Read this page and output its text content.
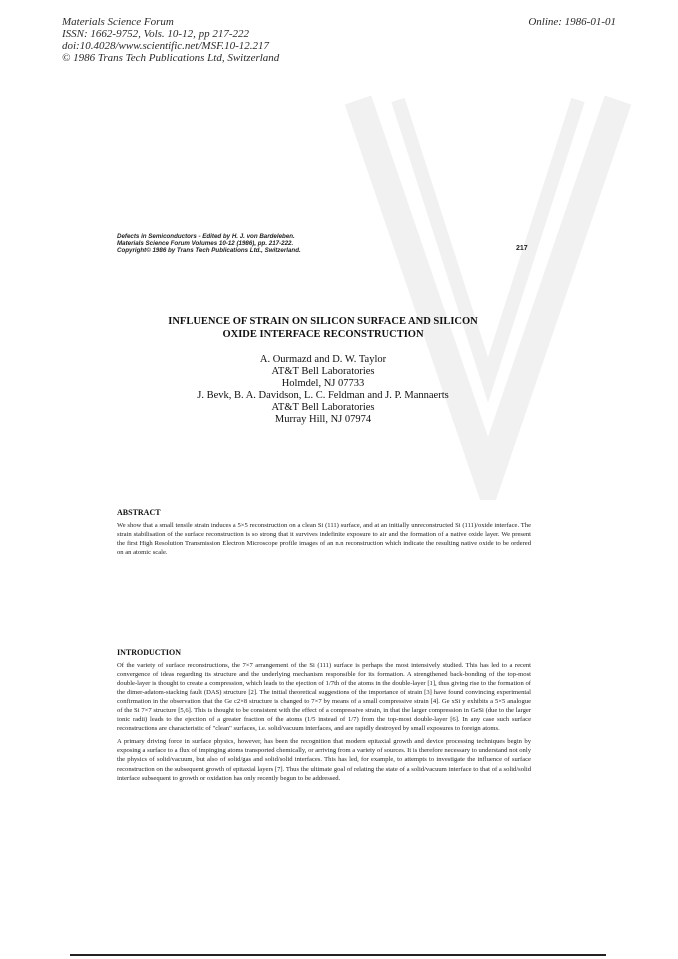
Materials Science Forum
ISSN: 1662-9752, Vols. 10-12, pp 217-222
doi:10.4028/www.scientific.net/MSF.10-12.217
© 1986 Trans Tech Publications Ltd, Switzerland
Online: 1986-01-01
Defects in Semiconductors - Edited by H. J. von Bardeleben.
Materials Science Forum Volumes 10-12 (1986), pp. 217-222.
Copyright© 1986 by Trans Tech Publications Ltd., Switzerland.	217
INFLUENCE OF STRAIN ON SILICON SURFACE AND SILICON
OXIDE INTERFACE RECONSTRUCTION
A. Ourmazd and D. W. Taylor
AT&T Bell Laboratories
Holmdel, NJ 07733
J. Bevk, B. A. Davidson, L. C. Feldman and J. P. Mannaerts
AT&T Bell Laboratories
Murray Hill, NJ 07974
ABSTRACT

We show that a small tensile strain induces a 5×5 reconstruction on a clean Si (111) surface, and at an initially unreconstructed Si (111)/oxide interface. The strain stabilisation of the surface reconstruction is so strong that it survives indefinite exposure to air and the formation of a native oxide layer. We present the first High Resolution Transmission Electron Microscope profile images of an n.n reconstruction which indicate the resulting native oxide to be ordered on an atomic scale.

INTRODUCTION

Of the variety of surface reconstructions, the 7×7 arrangement of the Si (111) surface is perhaps the most intensively studied. This has led to a recent convergence of ideas regarding its structure and the underlying mechanism responsible for its formation. A strengthened back-bonding of the top-most double-layer is thought to create a compression, which leads to the ejection of 1/7th of the atoms in the double-layer [1], thus giving rise to the formation of the dimer-adatom-stacking fault (DAS) structure [2]. The initial theoretical suggestions of the importance of strain [3] have found convincing experimental confirmation in the observation that the Ge c2×8 structure is changed to 7×7 by means of a small compressive strain [4]. Ge xSi y exhibits a 5×5 analogue of the Si 7×7 structure [5,6]. This is thought to be consistent with the effect of a compressive strain, in that the larger compression in GeSi (due to the larger ionic radii) leads to the ejection of a greater fraction of the atoms (1/5 instead of 1/7) from the top-most double-layer [6]. In any case such surface reconstructions are characteristic of "clean" surfaces, i.e. solid/vacuum interfaces, and are rapidly destroyed by small exposures to foreign atoms.

A primary driving force in surface physics, however, has been the recognition that modern epitaxial growth and device processing techniques begin by exposing a surface to a flux of impinging atoms transported chemically, or arriving from a variety of sources. It is therefore necessary to understand not only the physics of solid/vacuum, but also of solid/gas and solid/solid interfaces. This has led, for example, to attempts to investigate the influence of surface reconstruction on the subsequent growth of epitaxial layers [7]. Thus the ultimate goal of relating the state of a solid/vacuum interface to that of a solid/solid interface subsequent to growth or oxidation has only recently begun to be addressed.
